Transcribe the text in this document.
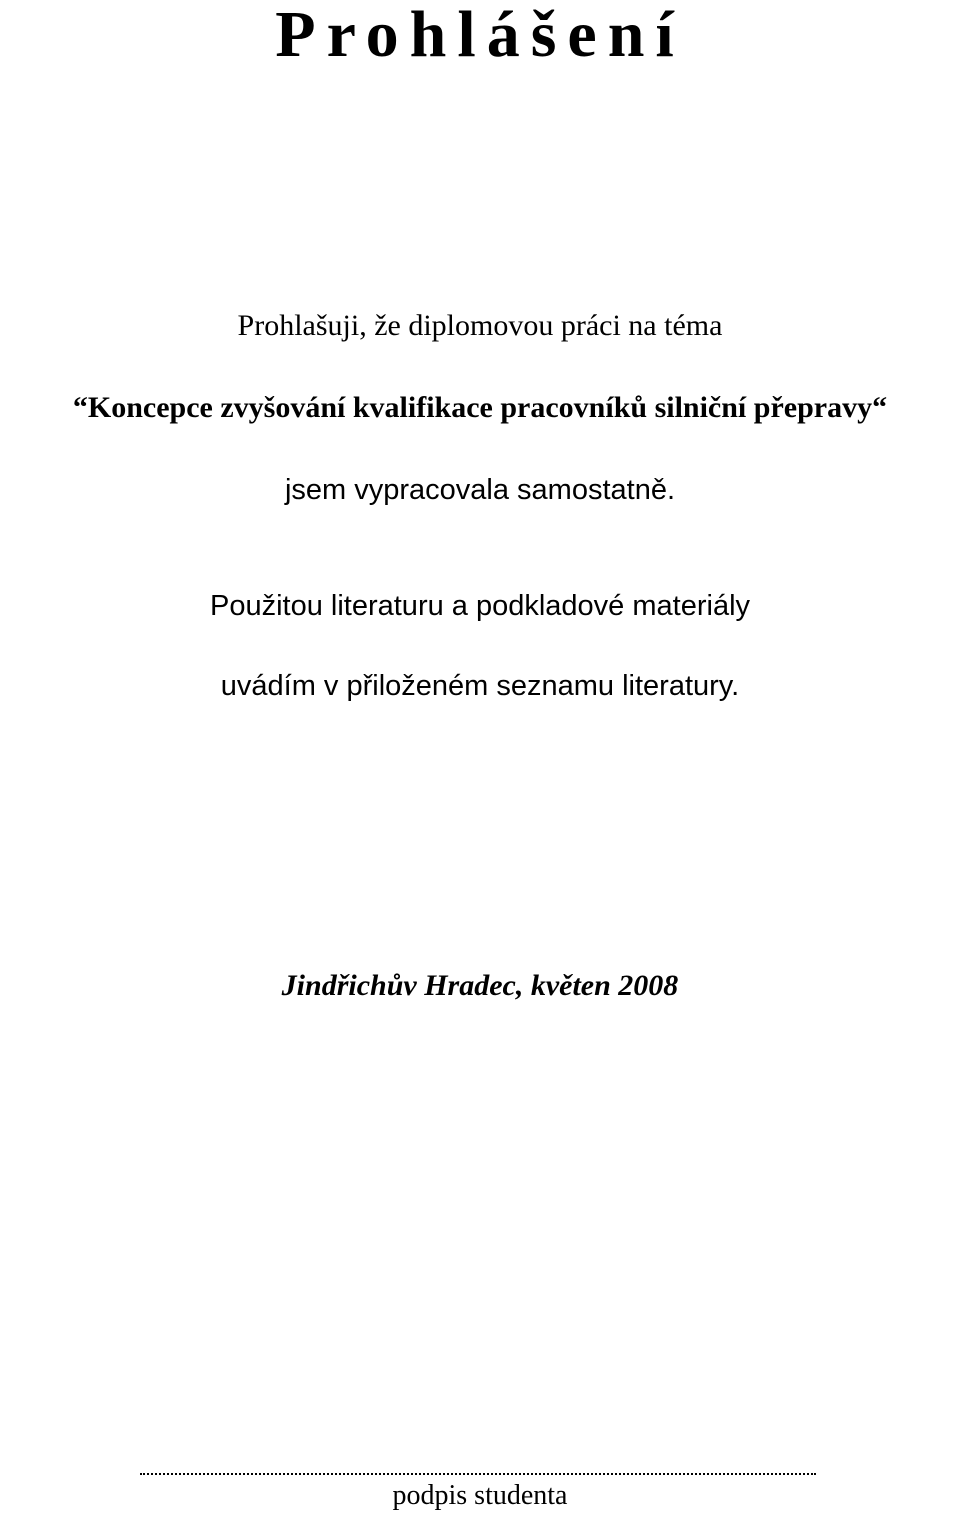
Prohlášení
Prohlašuji, že diplomovou práci na téma
“Koncepce zvyšování kvalifikace pracovníků silniční přepravy“
jsem vypracovala samostatně.
Použitou literaturu a podkladové materiály
uvádím v přiloženém seznamu literatury.
Jindřichův Hradec, květen 2008
podpis studenta
